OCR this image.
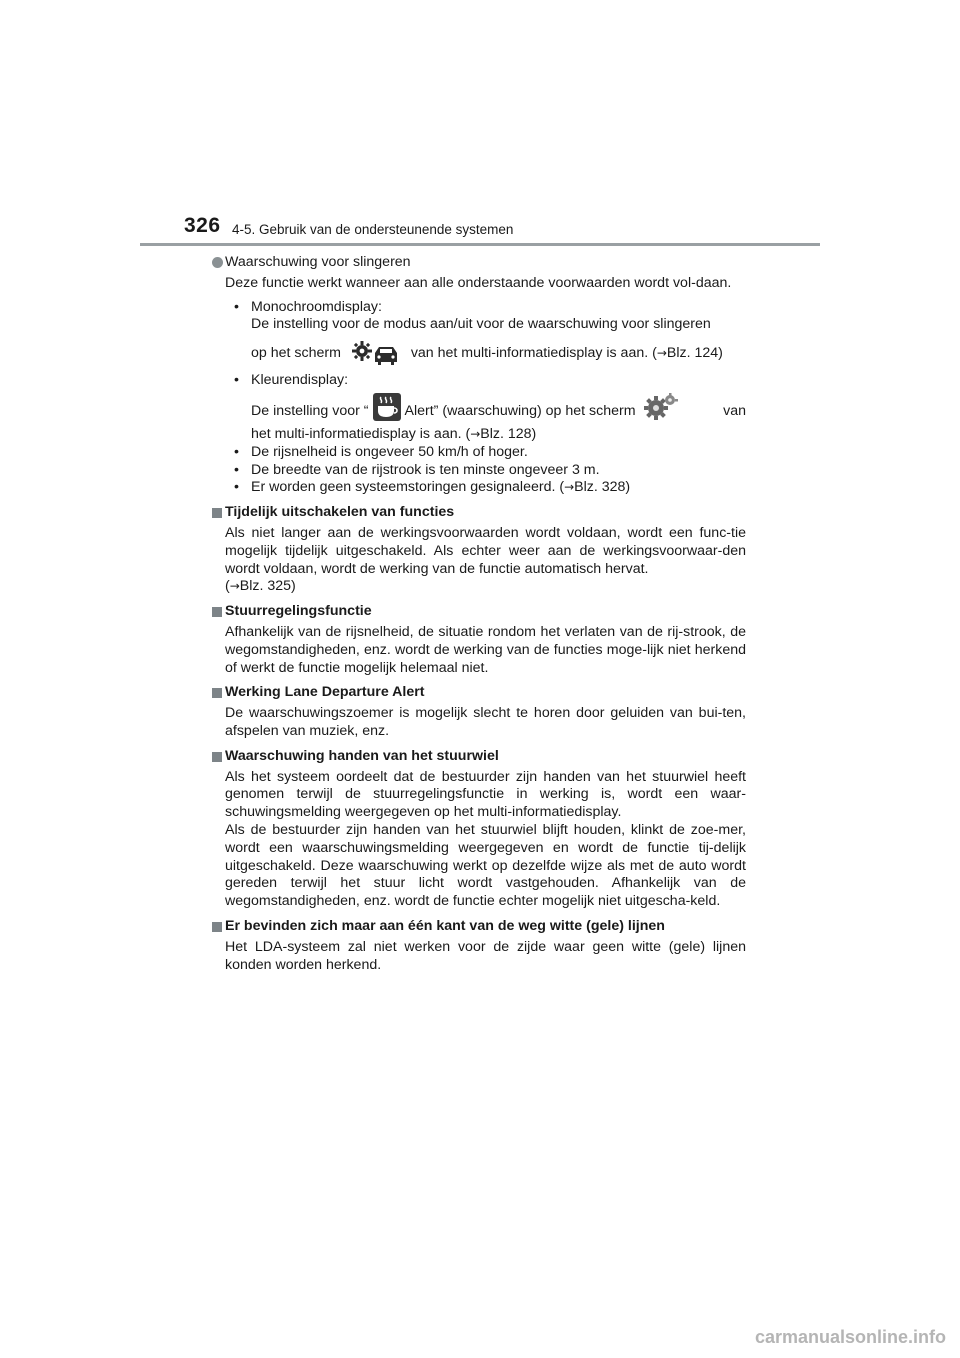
326 4-5. Gebruik van de ondersteunende systemen
Waarschuwing voor slingeren
Deze functie werkt wanneer aan alle onderstaande voorwaarden wordt vol-daan.
• Monochroomdisplay:
De instelling voor de modus aan/uit voor de waarschuwing voor slingeren
op het scherm	van het multi-informatiedisplay is aan. (→Blz. 124)
• Kleurendisplay:
De instelling voor “	Alert” (waarschuwing) op het scherm	van
het multi-informatiedisplay is aan. (→Blz. 128)
• De rijsnelheid is ongeveer 50 km/h of hoger.
• De breedte van de rijstrook is ten minste ongeveer 3 m.
• Er worden geen systeemstoringen gesignaleerd. (→Blz. 328)
Tijdelijk uitschakelen van functies
Als niet langer aan de werkingsvoorwaarden wordt voldaan, wordt een func-tie mogelijk tijdelijk uitgeschakeld. Als echter weer aan de werkingsvoorwaar-den wordt voldaan, wordt de werking van de functie automatisch hervat.
(→Blz. 325)
Stuurregelingsfunctie
Afhankelijk van de rijsnelheid, de situatie rondom het verlaten van de rij-strook, de wegomstandigheden, enz. wordt de werking van de functies moge-lijk niet herkend of werkt de functie mogelijk helemaal niet.
Werking Lane Departure Alert
De waarschuwingszoemer is mogelijk slecht te horen door geluiden van bui-ten, afspelen van muziek, enz.
Waarschuwing handen van het stuurwiel
Als het systeem oordeelt dat de bestuurder zijn handen van het stuurwiel heeft genomen terwijl de stuurregelingsfunctie in werking is, wordt een waar-schuwingsmelding weergegeven op het multi-informatiedisplay.
Als de bestuurder zijn handen van het stuurwiel blijft houden, klinkt de zoe-mer, wordt een waarschuwingsmelding weergegeven en wordt de functie tij-delijk uitgeschakeld. Deze waarschuwing werkt op dezelfde wijze als met de auto wordt gereden terwijl het stuur licht wordt vastgehouden. Afhankelijk van de wegomstandigheden, enz. wordt de functie echter mogelijk niet uitgescha-keld.
Er bevinden zich maar aan één kant van de weg witte (gele) lijnen
Het LDA-systeem zal niet werken voor de zijde waar geen witte (gele) lijnen konden worden herkend.
carmanualsonline.info
